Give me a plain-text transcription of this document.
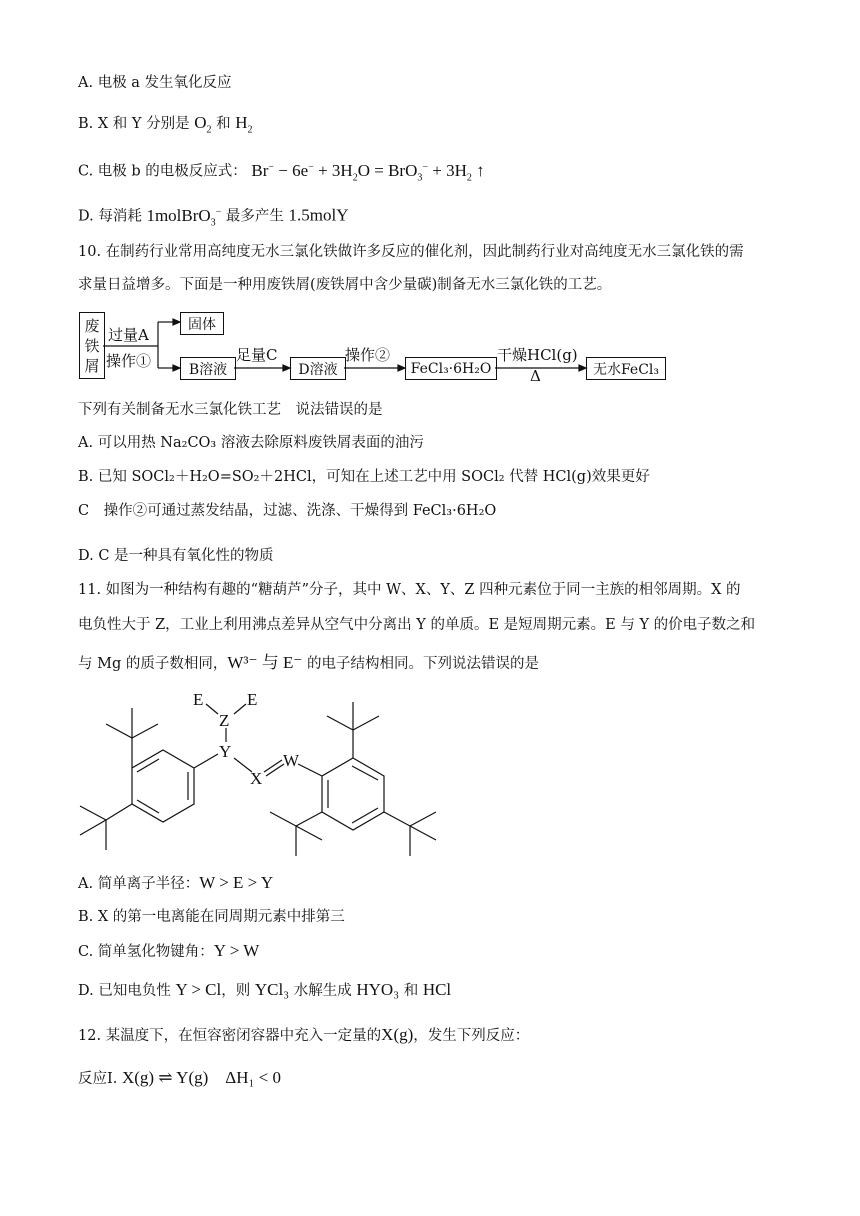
A. 电极 a 发生氧化反应
B. X 和 Y 分别是 $O_2$ 和 $H_2$
C. 电极 b 的电极反应式： $Br^- - 6e^- + 3H_2O = BrO_3^- + 3H_2$ ↑
D. 每消耗 1molBrO$_3$− 最多产生 1.5molY
10. 在制药行业常用高纯度无水三氯化铁做许多反应的催化剂，因此制药行业对高纯度无水三氯化铁的需
求量日益增多。下面是一种用废铁屑(废铁屑中含少量碳)制备无水三氯化铁的工艺。
废铁屑
固体
B溶液	D溶液	FeCl₃·6H₂O	无水FeCl₃
过量A
操作①	足量C	操作②	干燥HCl(g)
Δ
下列有关制备无水三氯化铁工艺　说法错误的是
A. 可以用热 Na₂CO₃ 溶液去除原料废铁屑表面的油污
B. 已知 SOCl₂＋H₂O=SO₂＋2HCl，可知在上述工艺中用 SOCl₂ 代替 HCl(g)效果更好
C　操作②可通过蒸发结晶，过滤、洗涤、干燥得到 FeCl₃·6H₂O
D. C 是一种具有氧化性的物质
11. 如图为一种结构有趣的“糖葫芦”分子，其中 W、X、Y、Z 四种元素位于同一主族的相邻周期。X 的
电负性大于 Z，工业上利用沸点差异从空气中分离出 Y 的单质。E 是短周期元素。E 与 Y 的价电子数之和
与 Mg 的质子数相同，W³⁻ 与 E⁻ 的电子结构相同。下列说法错误的是
E	E
Z
Y
X
W
A. 简单离子半径：W > E > Y
B. X 的第一电离能在同周期元素中排第三
C. 简单氢化物键角：Y > W
D. 已知电负性 Y > Cl，则 YCl₃ 水解生成 HYO₃ 和 HCl
12. 某温度下，在恒容密闭容器中充入一定量的X(g)，发生下列反应：
反应Ⅰ. X(g) ⇌ Y(g)　ΔH₁ < 0
